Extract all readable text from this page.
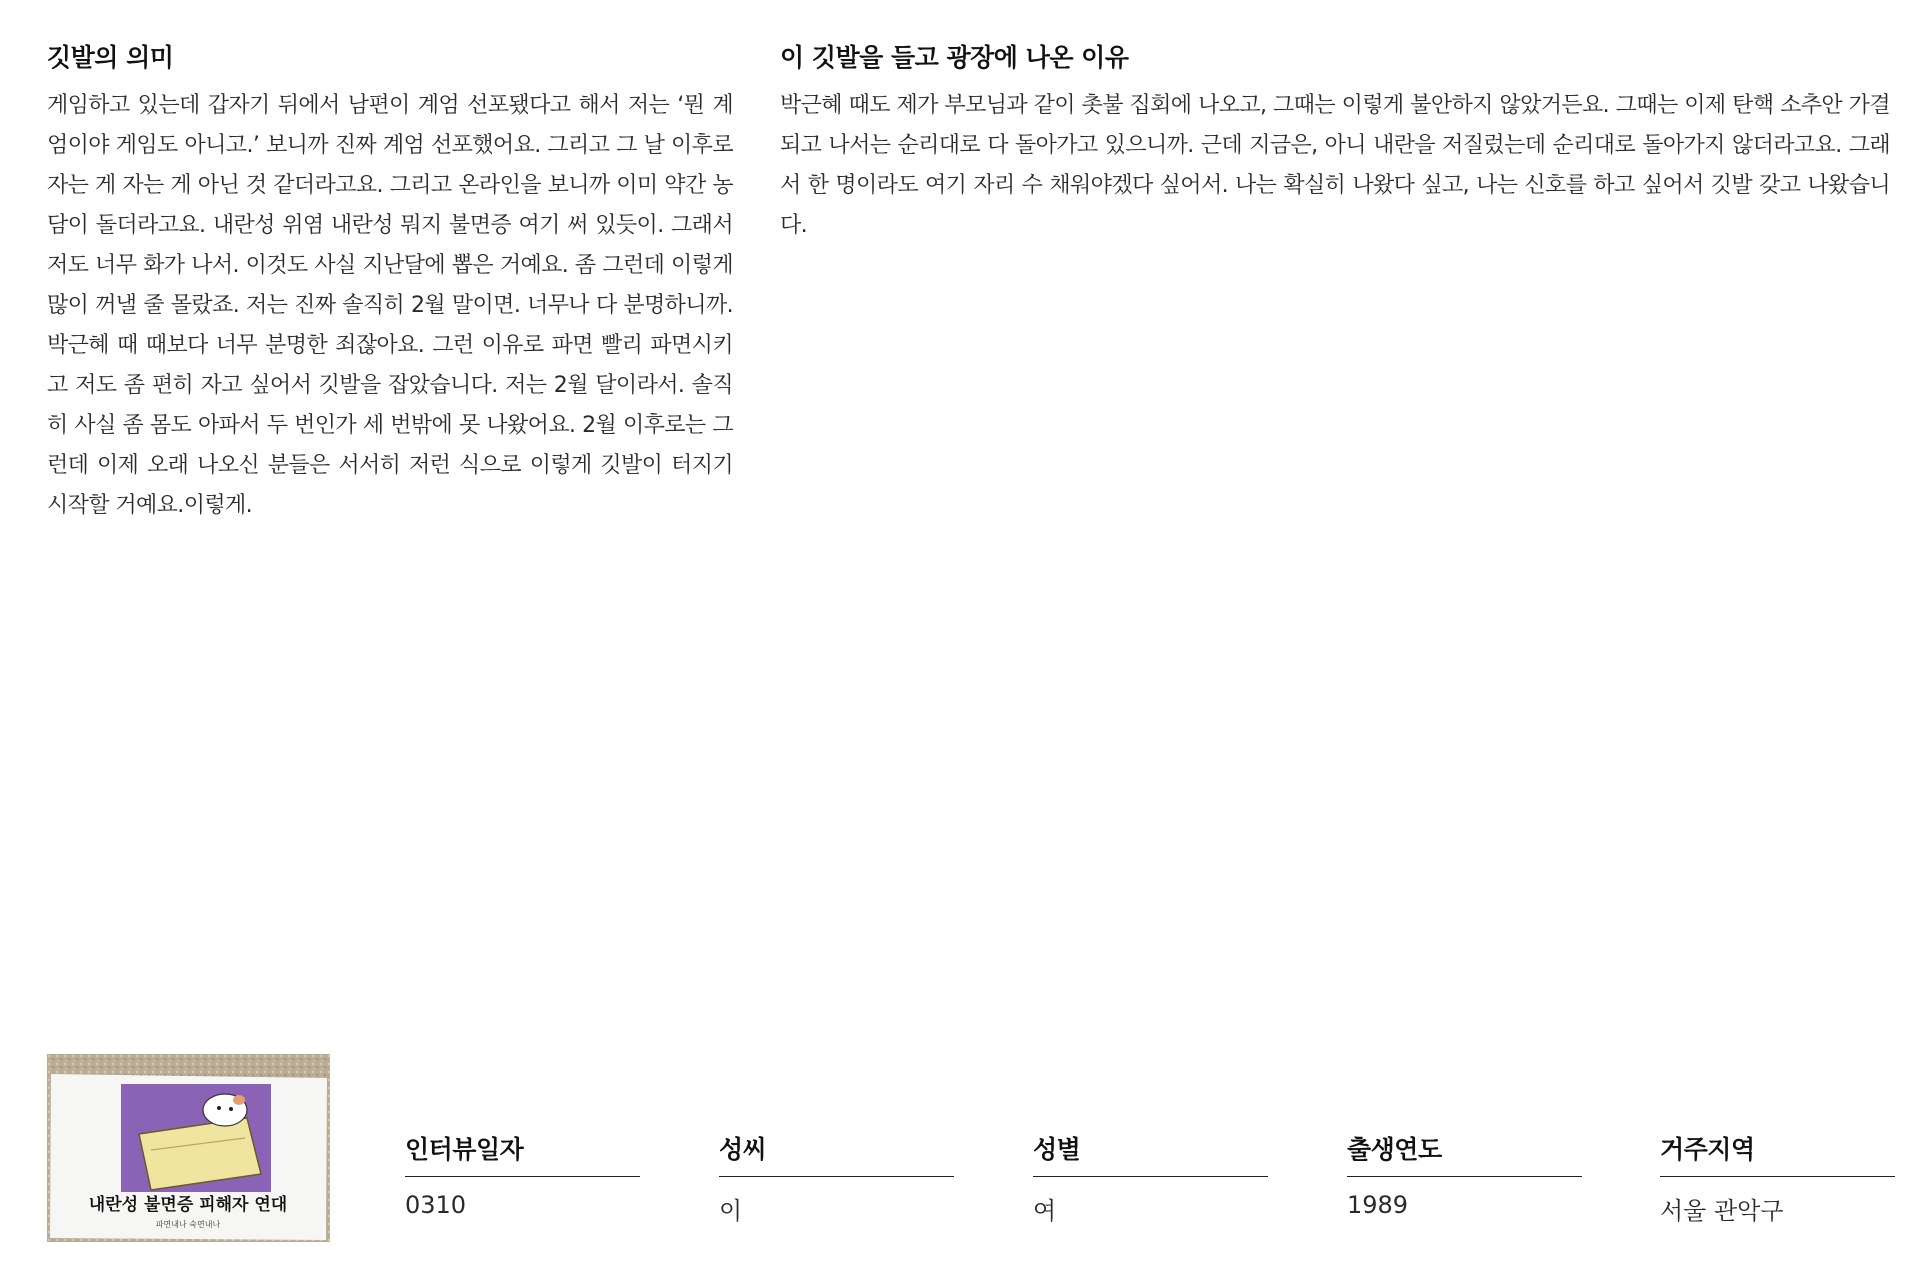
깃발의 의미

게임하고 있는데 갑자기 뒤에서 남편이 계엄 선포됐다고 해서 저는 ‘뭔 계엄이야 게임도 아니고.’ 보니까 진짜 계엄 선포했어요. 그리고 그 날 이후로 자는 게 자는 게 아닌 것 같더라고요. 그리고 온라인을 보니까 이미 약간 농담이 돌더라고요. 내란성 위염 내란성 뭐지 불면증 여기 써 있듯이. 그래서 저도 너무 화가 나서. 이것도 사실 지난달에 뽑은 거예요. 좀 그런데 이렇게 많이 꺼낼 줄 몰랐죠. 저는 진짜 솔직히 2월 말이면. 너무나 다 분명하니까. 박근혜 때 때보다 너무 분명한 죄잖아요. 그런 이유로 파면 빨리 파면시키고 저도 좀 편히 자고 싶어서 깃발을 잡았습니다. 저는 2월 달이라서. 솔직히 사실 좀 몸도 아파서 두 번인가 세 번밖에 못 나왔어요. 2월 이후로는 그런데 이제 오래 나오신 분들은 서서히 저런 식으로 이렇게 깃발이 터지기 시작할 거예요.이렇게.

이 깃발을 들고 광장에 나온 이유

박근혜 때도 제가 부모님과 같이 촛불 집회에 나오고, 그때는 이렇게 불안하지 않았거든요. 그때는 이제 탄핵 소추안 가결되고 나서는 순리대로 다 돌아가고 있으니까. 근데 지금은, 아니 내란을 저질렀는데 순리대로 돌아가지 않더라고요. 그래서 한 명이라도 여기 자리 수 채워야겠다 싶어서. 나는 확실히 나왔다 싶고, 나는 신호를 하고 싶어서 깃발 갖고 나왔습니다.

내란성 불면증 피해자 연대
파면내나 숙면내나
인터뷰일자
0310
성씨
이
성별
여
출생연도
1989
거주지역
서울 관악구
